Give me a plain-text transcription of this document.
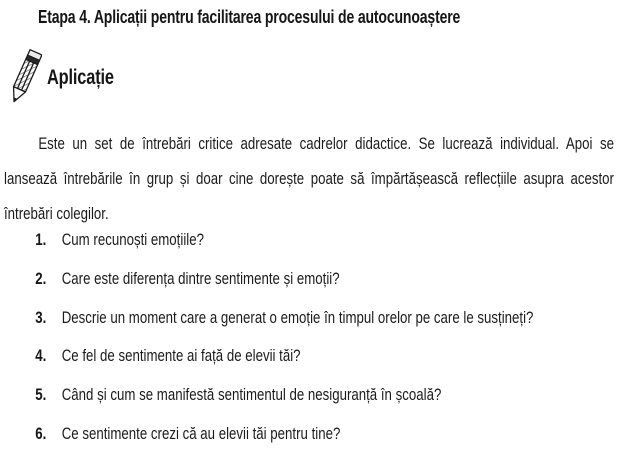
Etapa 4. Aplicații pentru facilitarea procesului de autocunoaștere
Aplicație

Este un set de întrebări critice adresate cadrelor didactice. Se lucrează individual. Apoi se lansează întrebările în grup și doar cine dorește poate să împărtășească reflecțiile asupra acestor întrebări colegilor.

1. Cum recunoști emoțiile?
2. Care este diferența dintre sentimente și emoții?
3. Descrie un moment care a generat o emoție în timpul orelor pe care le susțineți?
4. Ce fel de sentimente ai față de elevii tăi?
5. Când și cum se manifestă sentimentul de nesiguranță în școală?
6. Ce sentimente crezi că au elevii tăi pentru tine?
